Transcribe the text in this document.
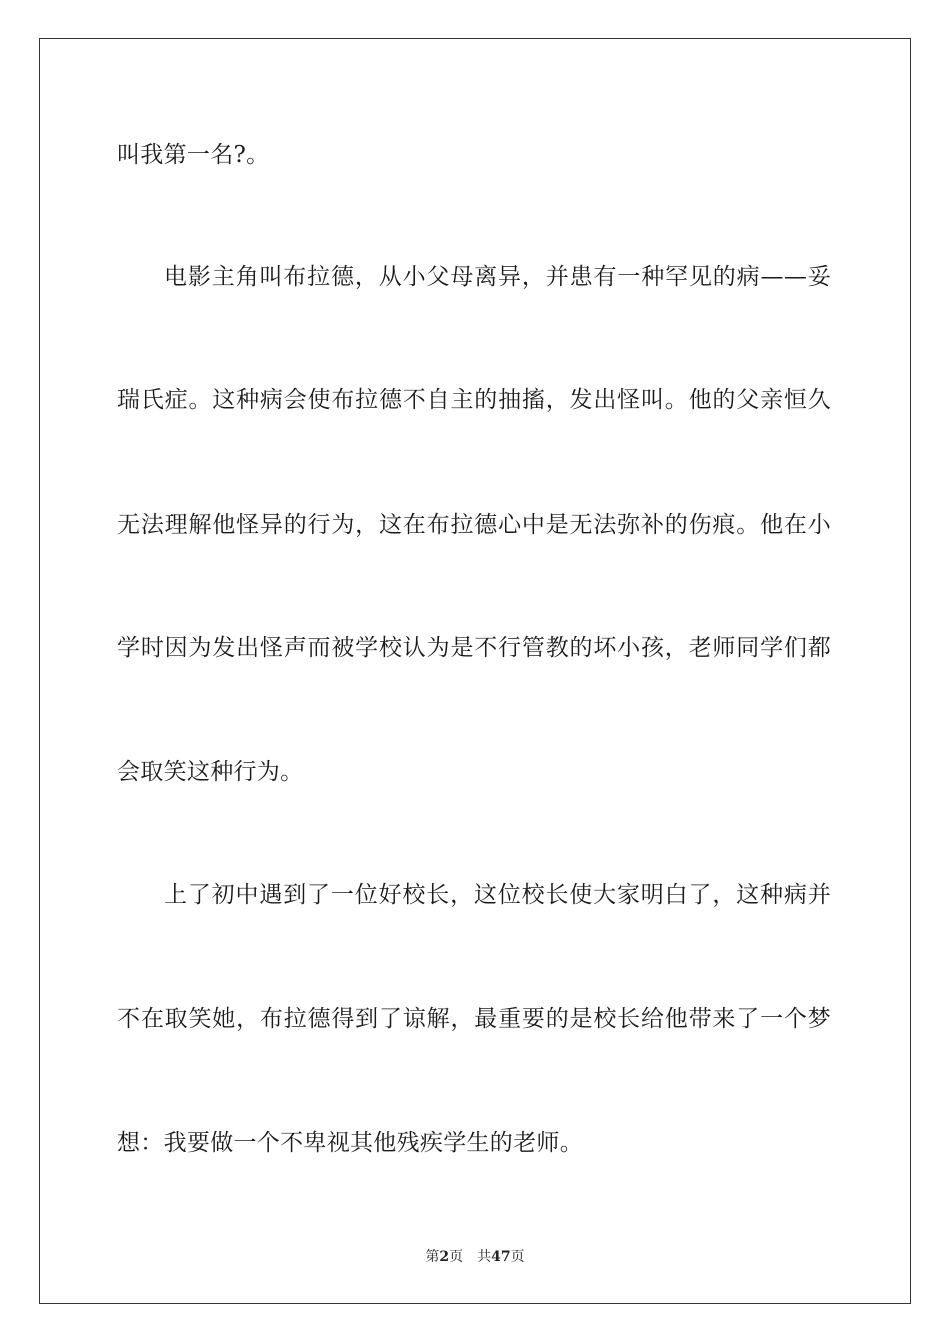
叫我第一名?。
电影主角叫布拉德，从小父母离异，并患有一种罕见的病——妥
瑞氏症。这种病会使布拉德不自主的抽搐，发出怪叫。他的父亲恒久
无法理解他怪异的行为，这在布拉德心中是无法弥补的伤痕。他在小
学时因为发出怪声而被学校认为是不行管教的坏小孩，老师同学们都
会取笑这种行为。
上了初中遇到了一位好校长，这位校长使大家明白了，这种病并
不在取笑她，布拉德得到了谅解，最重要的是校长给他带来了一个梦
想：我要做一个不卑视其他残疾学生的老师。
第2页 共47页
